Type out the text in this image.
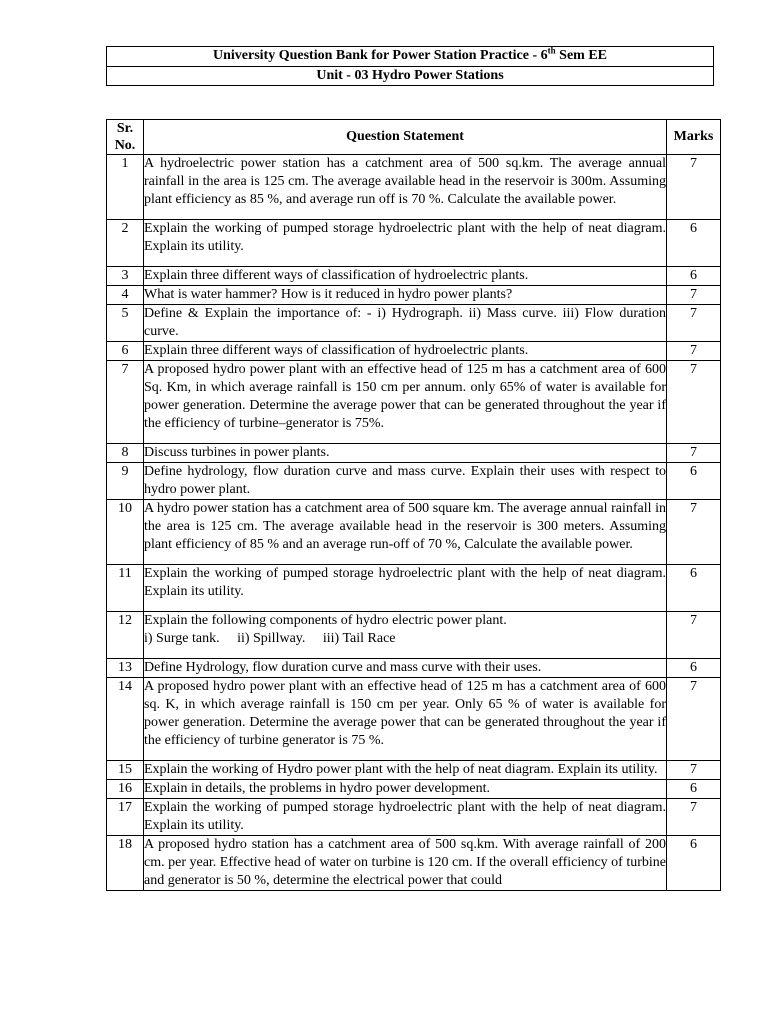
University Question Bank for Power Station Practice - 6th Sem EE
Unit - 03 Hydro Power Stations
Sr.
No.	Question Statement	Marks
1	A hydroelectric power station has a catchment area of 500 sq.km. The average annual rainfall in the area is 125 cm. The average available head in the reservoir is 300m. Assuming plant efficiency as 85 %, and average run off is 70 %. Calculate the available power.	7
2	Explain the working of pumped storage hydroelectric plant with the help of neat diagram. Explain its utility.	6
3	Explain three different ways of classification of hydroelectric plants.	6
4	What is water hammer? How is it reduced in hydro power plants?	7
5	Define & Explain the importance of: - i) Hydrograph. ii) Mass curve. iii) Flow duration curve.	7
6	Explain three different ways of classification of hydroelectric plants.	7
7	A proposed hydro power plant with an effective head of 125 m has a catchment area of 600 Sq. Km, in which average rainfall is 150 cm per annum. only 65% of water is available for power generation. Determine the average power that can be generated throughout the year if the efficiency of turbine–generator is 75%.	7
8	Discuss turbines in power plants.	7
9	Define hydrology, flow duration curve and mass curve. Explain their uses with respect to hydro power plant.	6
10	A hydro power station has a catchment area of 500 square km. The average annual rainfall in the area is 125 cm. The average available head in the reservoir is 300 meters. Assuming plant efficiency of 85 % and an average run-off of 70 %, Calculate the available power.	7
11	Explain the working of pumped storage hydroelectric plant with the help of neat diagram. Explain its utility.	6
12	Explain the following components of hydro electric power plant.
i) Surge tank.     ii) Spillway.     iii) Tail Race	7
13	Define Hydrology, flow duration curve and mass curve with their uses.	6
14	A proposed hydro power plant with an effective head of 125 m has a catchment area of 600 sq. K, in which average rainfall is 150 cm per year. Only 65 % of water is available for power generation. Determine the average power that can be generated throughout the year if the efficiency of turbine generator is 75 %.	7
15	Explain the working of Hydro power plant with the help of neat diagram. Explain its utility.	7
16	Explain in details, the problems in hydro power development.	6
17	Explain the working of pumped storage hydroelectric plant with the help of neat diagram. Explain its utility.	7
18	A proposed hydro station has a catchment area of 500 sq.km. With average rainfall of 200 cm. per year. Effective head of water on turbine is 120 cm. If the overall efficiency of turbine and generator is 50 %, determine the electrical power that could	6
